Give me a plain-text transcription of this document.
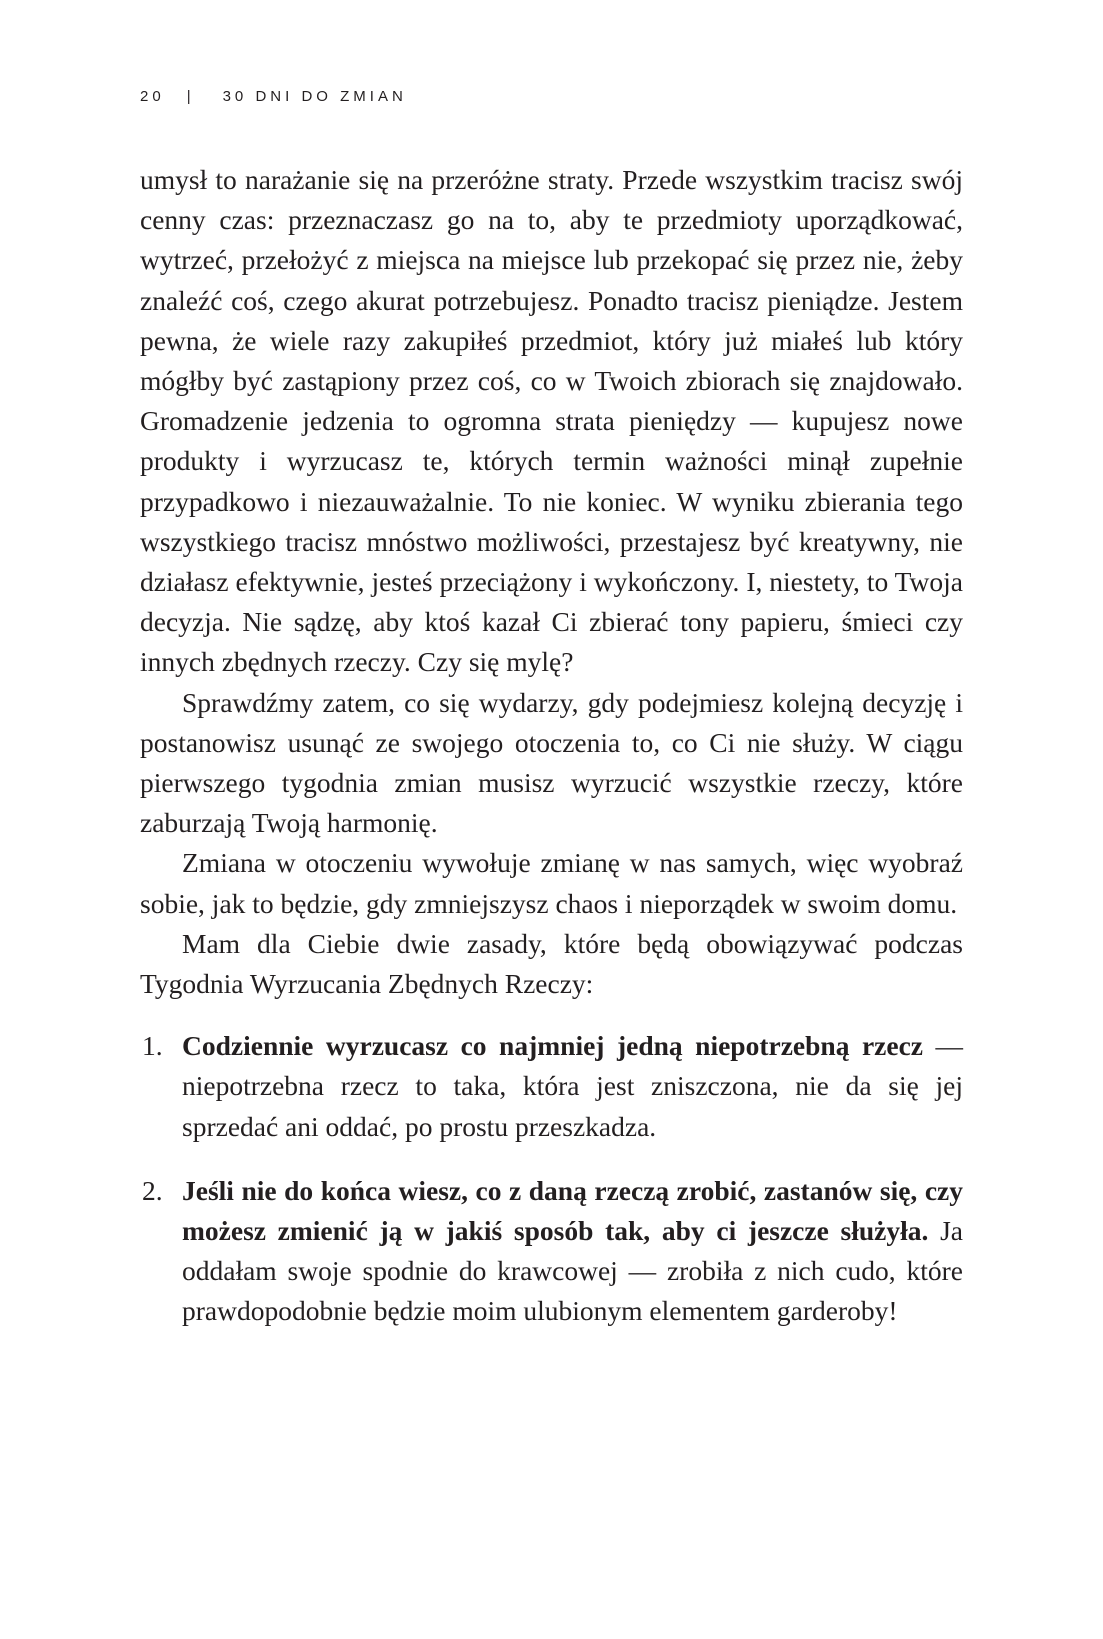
20 | 30 DNI DO ZMIAN

umysł to narażanie się na przeróżne straty. Przede wszystkim tracisz swój cenny czas: przeznaczasz go na to, aby te przedmioty uporządkować, wytrzeć, przełożyć z miejsca na miejsce lub przekopać się przez nie, żeby znaleźć coś, czego akurat potrzebujesz. Ponadto tracisz pieniądze. Jestem pewna, że wiele razy zakupiłeś przedmiot, który już miałeś lub który mógłby być zastąpiony przez coś, co w Twoich zbiorach się znajdowało. Gromadzenie jedzenia to ogromna strata pieniędzy — kupujesz nowe produkty i wyrzucasz te, których termin ważności minął zupełnie przypadkowo i niezauważalnie. To nie koniec. W wyniku zbierania tego wszystkiego tracisz mnóstwo możliwości, przestajesz być kreatywny, nie działasz efektywnie, jesteś przeciążony i wykończony. I, niestety, to Twoja decyzja. Nie sądzę, aby ktoś kazał Ci zbierać tony papieru, śmieci czy innych zbędnych rzeczy. Czy się mylę?

Sprawdźmy zatem, co się wydarzy, gdy podejmiesz kolejną decyzję i postanowisz usunąć ze swojego otoczenia to, co Ci nie służy. W ciągu pierwszego tygodnia zmian musisz wyrzucić wszystkie rzeczy, które zaburzają Twoją harmonię.

Zmiana w otoczeniu wywołuje zmianę w nas samych, więc wyobraź sobie, jak to będzie, gdy zmniejszysz chaos i nieporządek w swoim domu.

Mam dla Ciebie dwie zasady, które będą obowiązywać podczas Tygodnia Wyrzucania Zbędnych Rzeczy:

1. Codziennie wyrzucasz co najmniej jedną niepotrzebną rzecz — niepotrzebna rzecz to taka, która jest zniszczona, nie da się jej sprzedać ani oddać, po prostu przeszkadza.
2. Jeśli nie do końca wiesz, co z daną rzeczą zrobić, zastanów się, czy możesz zmienić ją w jakiś sposób tak, aby ci jeszcze służyła. Ja oddałam swoje spodnie do krawcowej — zrobiła z nich cudo, które prawdopodobnie będzie moim ulubionym elementem garderoby!
